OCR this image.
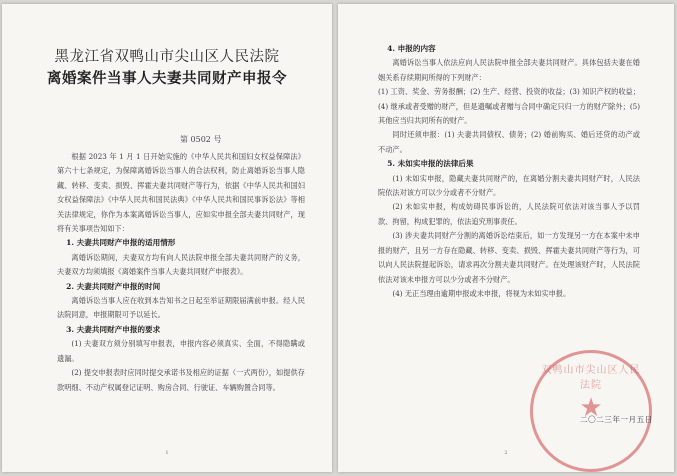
黑龙江省双鸭山市尖山区人民法院
离婚案件当事人夫妻共同财产申报令
第 0502 号

根据 2023 年 1 月 1 日开始实施的《中华人民共和国妇女权益保障法》第六十七条规定，为保障离婚诉讼当事人的合法权利，防止离婚诉讼当事人隐藏、转移、变卖、损毁、挥霍夫妻共同财产等行为，依据《中华人民共和国妇女权益保障法》《中华人民共和国民法典》《中华人民共和国民事诉讼法》等相关法律规定，你作为本案离婚诉讼当事人，应如实申报全部夫妻共同财产，现将有关事项告知如下：

1. 夫妻共同财产申报的适用情形

离婚诉讼期间，夫妻双方均有向人民法院申报全部夫妻共同财产的义务，夫妻双方均须填报《离婚案件当事人夫妻共同财产申报表》。

2. 夫妻共同财产申报的时间

离婚诉讼当事人应在收到本告知书之日起至举证期限届满前申报。经人民法院同意，申报期限可予以延长。

3. 夫妻共同财产申报的要求

(1) 夫妻双方须分别填写申报表，申报内容必须真实、全面，不得隐瞒或遗漏。

(2) 提交申报表时应同时提交承诺书及相应的证据（一式两份），如提供存款明细、不动产权属登记证明、购房合同、行驶证、车辆购置合同等。

1
4. 申报的内容

离婚诉讼当事人依法应向人民法院申报全部夫妻共同财产。具体包括夫妻在婚姻关系存续期间所得的下列财产：

(1) 工资、奖金、劳务报酬；(2) 生产、经营、投资的收益；(3) 知识产权的收益；(4) 继承或者受赠的财产，但是遗嘱或者赠与合同中确定只归一方的财产除外；(5) 其他应当归共同所有的财产。

同时还须申报：(1) 夫妻共同债权、债务；(2) 婚前购买、婚后还贷的动产或不动产。

5. 未如实申报的法律后果

(1) 未如实申报，隐藏夫妻共同财产的，在离婚分割夫妻共同财产时，人民法院依法对该方可以少分或者不分财产。

(2) 未如实申报，构成妨碍民事诉讼的，人民法院可依法对该当事人予以罚款、拘留，构成犯罪的，依法追究刑事责任。

(3) 涉夫妻共同财产分割的离婚诉讼结束后，如一方发现另一方在本案中未申报的财产，且另一方存在隐藏、转移、变卖、损毁、挥霍夫妻共同财产等行为，可以向人民法院提起诉讼，请求再次分割夫妻共同财产。在处理该财产时，人民法院依法对该未申报方可以少分或者不分财产。

(4) 无正当理由逾期申报或未申报，将视为未如实申报。

双鸭山市尖山区人民法院
★
二〇二三年一月五日
2
